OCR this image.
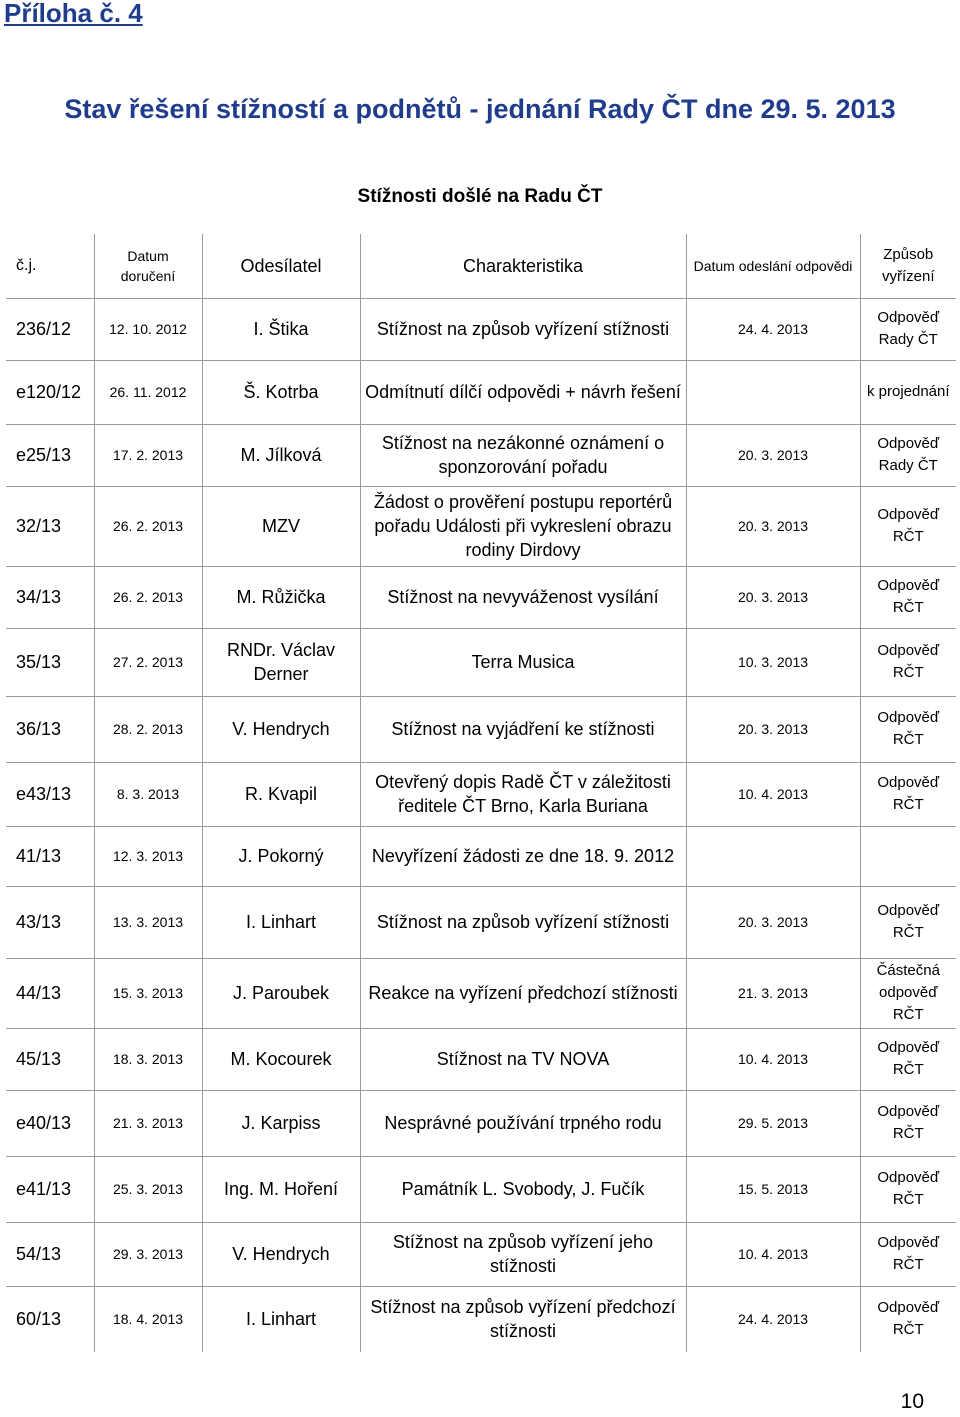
Příloha č. 4
Stav řešení stížností a podnětů - jednání Rady ČT dne 29. 5. 2013
Stížnosti došlé na Radu ČT
č.j.	Datum doručení	Odesílatel	Charakteristika	Datum odeslání odpovědi	Způsob vyřízení
236/12	12. 10. 2012	I. Štika	Stížnost na způsob vyřízení stížnosti	24. 4. 2013	Odpověď Rady ČT
e120/12	26. 11. 2012	Š. Kotrba	Odmítnutí dílčí odpovědi + návrh řešení		k projednání
e25/13	17. 2. 2013	M. Jílková	Stížnost na nezákonné oznámení o sponzorování pořadu	20. 3. 2013	Odpověď Rady ČT
32/13	26. 2. 2013	MZV	Žádost o prověření postupu reportérů pořadu Události při vykreslení obrazu rodiny Dirdovy	20. 3. 2013	Odpověď RČT
34/13	26. 2. 2013	M. Růžička	Stížnost na nevyváženost vysílání	20. 3. 2013	Odpověď RČT
35/13	27. 2. 2013	RNDr. Václav Derner	Terra Musica	10. 3. 2013	Odpověď RČT
36/13	28. 2. 2013	V. Hendrych	Stížnost na vyjádření ke stížnosti	20. 3. 2013	Odpověď RČT
e43/13	8. 3. 2013	R. Kvapil	Otevřený dopis Radě ČT v záležitosti ředitele ČT Brno, Karla Buriana	10. 4. 2013	Odpověď RČT
41/13	12. 3. 2013	J. Pokorný	Nevyřízení žádosti ze dne 18. 9. 2012		
43/13	13. 3. 2013	I. Linhart	Stížnost na způsob vyřízení stížnosti	20. 3. 2013	Odpověď RČT
44/13	15. 3. 2013	J. Paroubek	Reakce na vyřízení předchozí stížnosti	21. 3. 2013	Částečná odpověď RČT
45/13	18. 3. 2013	M. Kocourek	Stížnost na TV NOVA	10. 4. 2013	Odpověď RČT
e40/13	21. 3. 2013	J. Karpiss	Nesprávné používání trpného rodu	29. 5. 2013	Odpověď RČT
e41/13	25. 3. 2013	Ing. M. Hoření	Památník L. Svobody, J. Fučík	15. 5. 2013	Odpověď RČT
54/13	29. 3. 2013	V. Hendrych	Stížnost na způsob vyřízení jeho stížnosti	10. 4. 2013	Odpověď RČT
60/13	18. 4. 2013	I. Linhart	Stížnost na způsob vyřízení předchozí stížnosti	24. 4. 2013	Odpověď RČT
10
